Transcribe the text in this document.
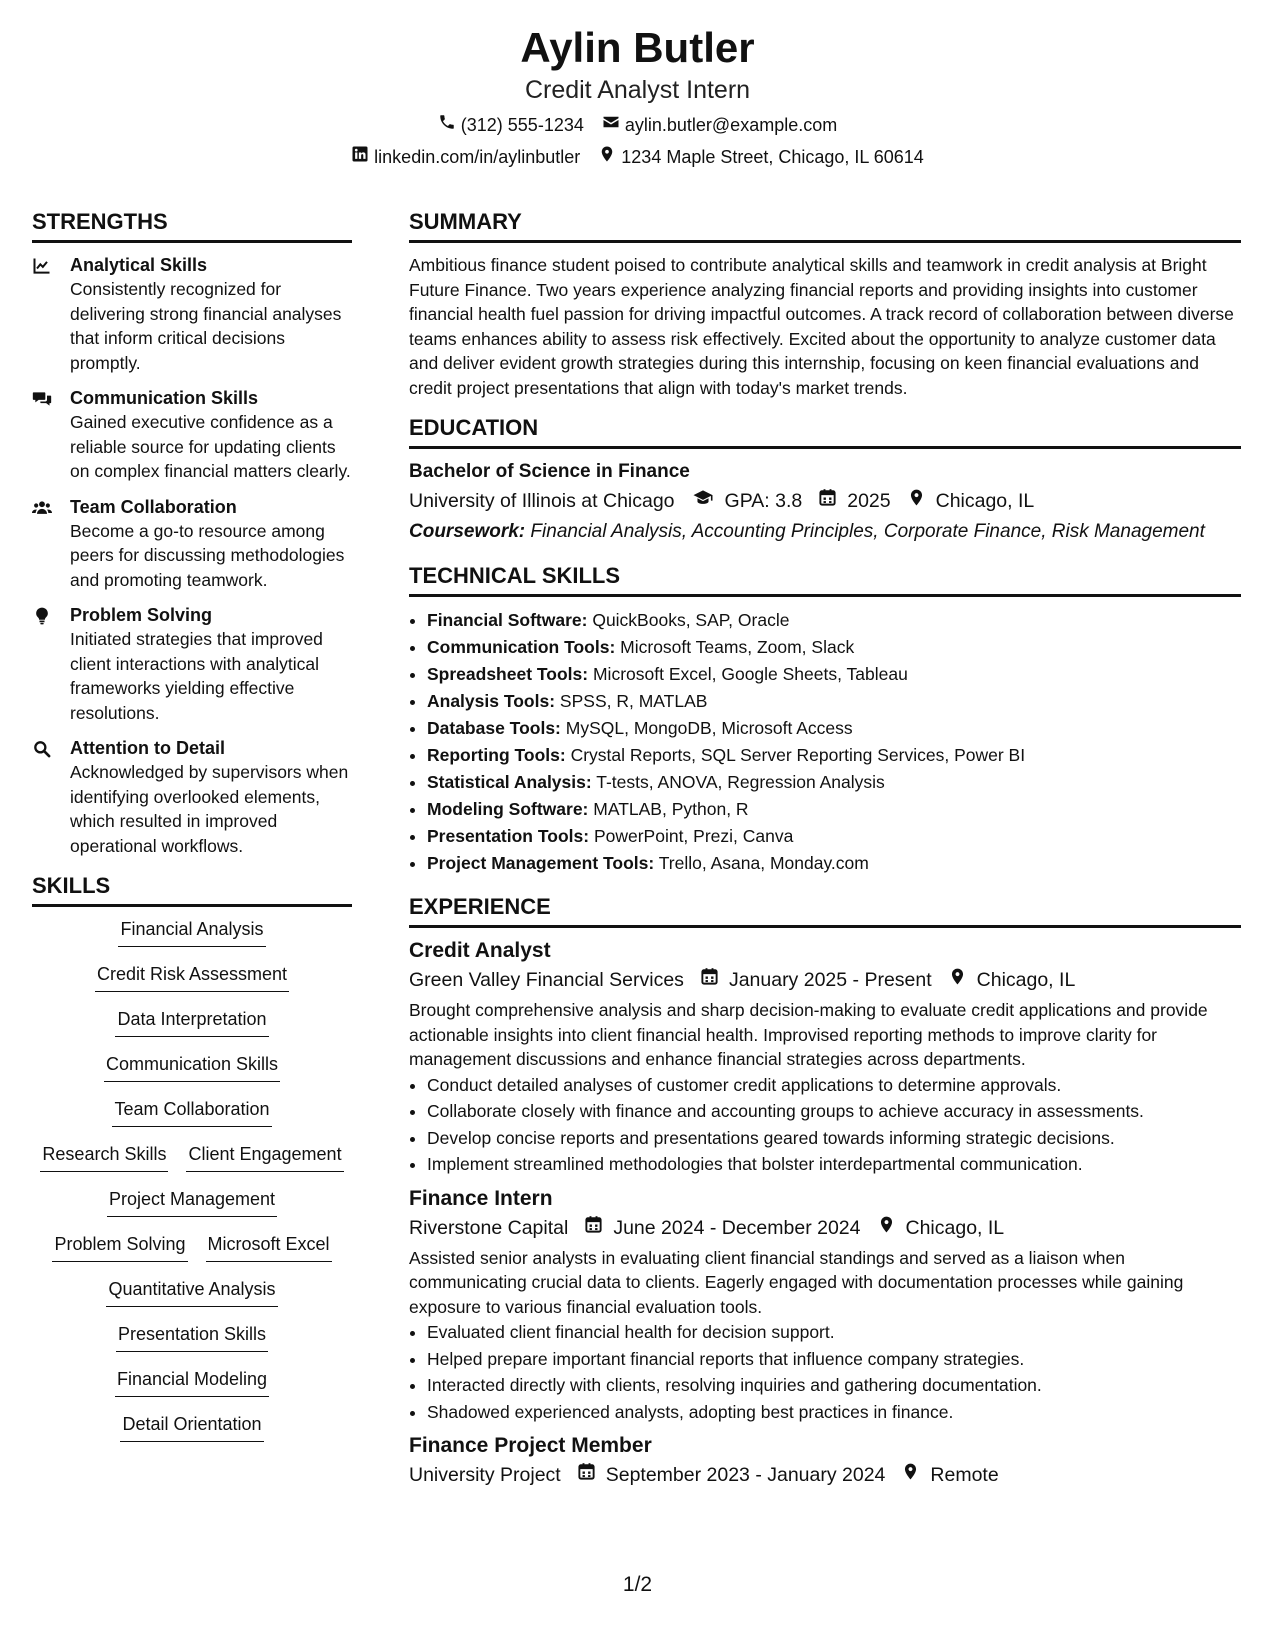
Aylin Butler
Credit Analyst Intern
(312) 555-1234 aylin.butler@example.com
linkedin.com/in/aylinbutler 1234 Maple Street, Chicago, IL 60614
STRENGTHS
Analytical Skills
Consistently recognized for delivering strong financial analyses that inform critical decisions promptly.
Communication Skills
Gained executive confidence as a reliable source for updating clients on complex financial matters clearly.
Team Collaboration
Become a go-to resource among peers for discussing methodologies and promoting teamwork.
Problem Solving
Initiated strategies that improved client interactions with analytical frameworks yielding effective resolutions.
Attention to Detail
Acknowledged by supervisors when identifying overlooked elements, which resulted in improved operational workflows.
SKILLS
Financial Analysis
Credit Risk Assessment
Data Interpretation
Communication Skills
Team Collaboration
Research Skills Client Engagement
Project Management
Problem Solving Microsoft Excel
Quantitative Analysis
Presentation Skills
Financial Modeling
Detail Orientation
SUMMARY

Ambitious finance student poised to contribute analytical skills and teamwork in credit analysis at Bright Future Finance. Two years experience analyzing financial reports and providing insights into customer financial health fuel passion for driving impactful outcomes. A track record of collaboration between diverse teams enhances ability to assess risk effectively. Excited about the opportunity to analyze customer data and deliver evident growth strategies during this internship, focusing on keen financial evaluations and credit project presentations that align with today's market trends.

EDUCATION
Bachelor of Science in Finance
University of Illinois at Chicago	GPA: 3.8 2025 Chicago, IL
Coursework: Financial Analysis, Accounting Principles, Corporate Finance, Risk Management
TECHNICAL SKILLS
• Financial Software: QuickBooks, SAP, Oracle
• Communication Tools: Microsoft Teams, Zoom, Slack
• Spreadsheet Tools: Microsoft Excel, Google Sheets, Tableau
• Analysis Tools: SPSS, R, MATLAB
• Database Tools: MySQL, MongoDB, Microsoft Access
• Reporting Tools: Crystal Reports, SQL Server Reporting Services, Power BI
• Statistical Analysis: T-tests, ANOVA, Regression Analysis
• Modeling Software: MATLAB, Python, R
• Presentation Tools: PowerPoint, Prezi, Canva
• Project Management Tools: Trello, Asana, Monday.com
EXPERIENCE
Credit Analyst
Green Valley Financial Services January 2025 - Present Chicago, IL

Brought comprehensive analysis and sharp decision-making to evaluate credit applications and provide actionable insights into client financial health. Improvised reporting methods to improve clarity for management discussions and enhance financial strategies across departments.

• Conduct detailed analyses of customer credit applications to determine approvals.
• Collaborate closely with finance and accounting groups to achieve accuracy in assessments.
• Develop concise reports and presentations geared towards informing strategic decisions.
• Implement streamlined methodologies that bolster interdepartmental communication.
Finance Intern
Riverstone Capital June 2024 - December 2024 Chicago, IL

Assisted senior analysts in evaluating client financial standings and served as a liaison when communicating crucial data to clients. Eagerly engaged with documentation processes while gaining exposure to various financial evaluation tools.

• Evaluated client financial health for decision support.
• Helped prepare important financial reports that influence company strategies.
• Interacted directly with clients, resolving inquiries and gathering documentation.
• Shadowed experienced analysts, adopting best practices in finance.
Finance Project Member
University Project September 2023 - January 2024 Remote
1/2
